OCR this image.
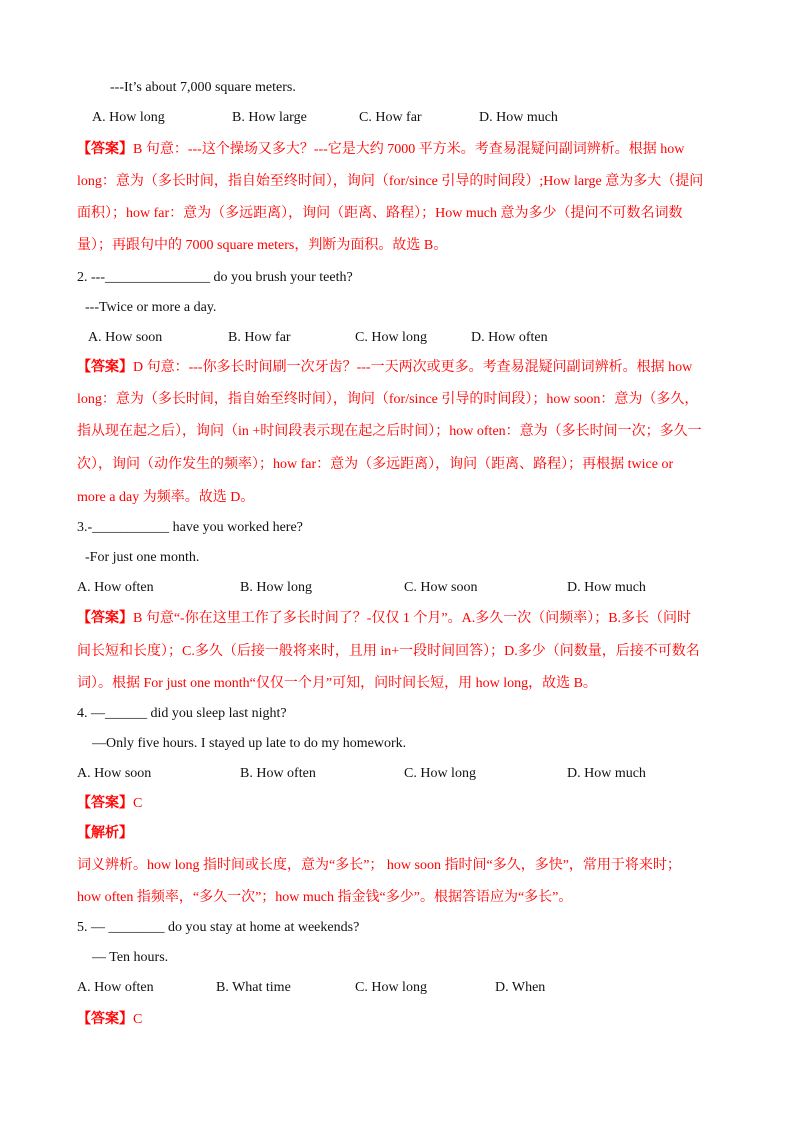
---It’s about 7,000 square meters.
A. How long	B. How large	C. How far	D. How much
【答案】B 句意：---这个操场又多大？---它是大约 7000 平方米。考查易混疑问副词辨析。根据 how
long：意为（多长时间，指自始至终时间），询问（for/since 引导的时间段）;How large 意为多大（提问
面积）；how far：意为（多远距离），询问（距离、路程）；How much 意为多少（提问不可数名词数
量）；再跟句中的 7000 square meters，判断为面积。故选 B。
2. ---_______________ do you brush your teeth?
---Twice or more a day.
A. How soon	B. How far	C. How long	D. How often
【答案】D 句意：---你多长时间刷一次牙齿？---一天两次或更多。考查易混疑问副词辨析。根据 how
long：意为（多长时间，指自始至终时间），询问（for/since 引导的时间段）；how soon：意为（多久，
指从现在起之后），询问（in +时间段表示现在起之后时间）；how often：意为（多长时间一次；多久一
次），询问（动作发生的频率）；how far：意为（多远距离），询问（距离、路程）；再根据 twice or
more a day 为频率。故选 D。
3.-___________ have you worked here?
-For just one month.
A. How often	B. How long	C. How soon	D. How much
【答案】B 句意“-你在这里工作了多长时间了？-仅仅 1 个月”。A.多久一次（问频率）；B.多长（问时
间长短和长度）；C.多久（后接一般将来时，且用 in+一段时间回答）；D.多少（问数量，后接不可数名
词）。根据 For just one month“仅仅一个月”可知，问时间长短，用 how long，故选 B。
4. —______ did you sleep last night?
—Only five hours. I stayed up late to do my homework.
A. How soon	B. How often	C. How long	D. How much
【答案】C
【解析】
词义辨析。how long 指时间或长度，意为“多长”； how soon 指时间“多久，多快”，常用于将来时；
how often 指频率，“多久一次”；how much 指金钱“多少”。根据答语应为“多长”。
5. — ________ do you stay at home at weekends?
— Ten hours.
A. How often	B. What time	C. How long	D. When
【答案】C
